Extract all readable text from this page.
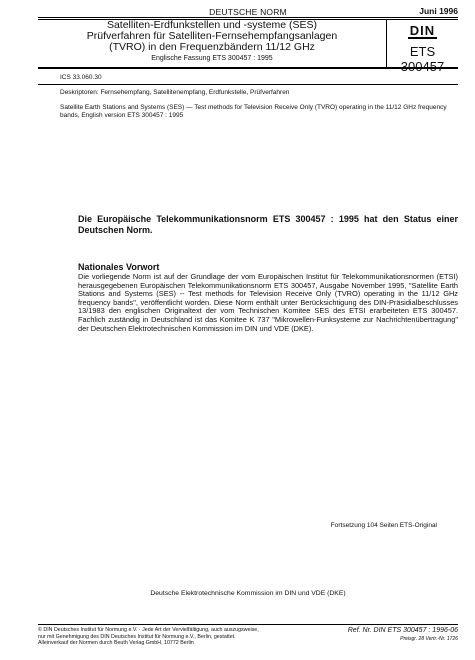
DEUTSCHE NORM	Juni 1996
Satelliten-Erdfunkstellen und -systeme (SES)
Prüfverfahren für Satelliten-Fernsehempfangsanlagen
(TVRO) in den Frequenzbändern 11/12 GHz
Englische Fassung ETS 300457 : 1995
DIN
ETS 300457
ICS 33.060.30
Deskriptoren: Fernsehempfang, Satellitenempfang, Erdfunkstelle, Prüfverfahren
Satellite Earth Stations and Systems (SES) — Test methods for Television Receive Only (TVRO) operating in the 11/12 GHz frequency bands, English version ETS 300457 : 1995
Die Europäische Telekommunikationsnorm ETS 300457 : 1995 hat den Status einer Deutschen Norm.
Nationales Vorwort
Die vorliegende Norm ist auf der Grundlage der vom Europäischen Institut für Telekommunikationsnormen (ETSI) herausgegebenen Europäischen Telekommunikationsnorm ETS 300457, Ausgabe November 1995, "Satellite Earth Stations and Systems (SES) -- Test methods for Television Receive Only (TVRO) operating in the 11/12 GHz frequency bands", veröffentlicht worden. Diese Norm enthält unter Berücksichtigung des DIN-Präsidialbeschlusses 13/1983 den englischen Originaltext der vom Technischen Komitee SES des ETSI erarbeiteten ETS 300457. Fachlich zuständig in Deutschland ist das Komitee K 737 "Mikrowellen-Funksysteme zur Nachrichtenübertragung" der Deutschen Elektrotechnischen Kommission im DIN und VDE (DKE).
Fortsetzung 104 Seiten ETS-Original
Deutsche Elektrotechnische Kommission im DIN und VDE (DKE)
© DIN Deutsches Institut für Normung e.V. · Jede Art der Vervielfältigung, auch auszugsweise,
nur mit Genehmigung des DIN Deutsches Institut für Normung e.V., Berlin, gestattet.
Alleinverkauf der Normen durch Beuth Verlag GmbH, 10772 Berlin
Ref. Nr. DIN ETS 300457 : 1996-06
Preisgr. 28 Vertr.-Nr. 1726
